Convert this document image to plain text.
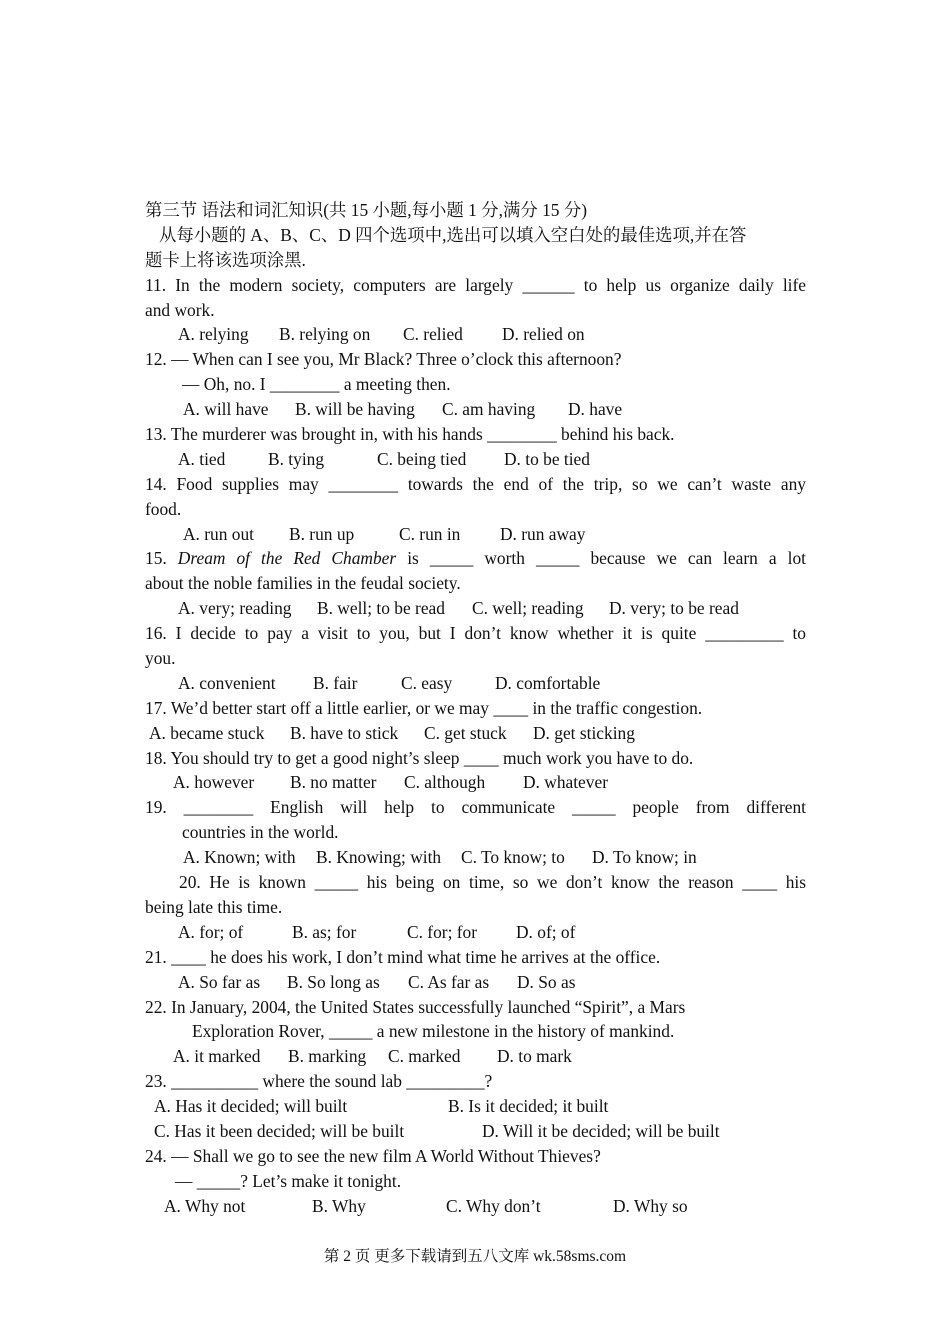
第三节 语法和词汇知识(共 15 小题,每小题 1 分,满分 15 分)
从每小题的 A、B、C、D 四个选项中,选出可以填入空白处的最佳选项,并在答
题卡上将该选项涂黑.
11. In the modern society, computers are largely ______ to help us organize daily life
and work.
A. relying B. relying on C. relied D. relied on
12. — When can I see you, Mr Black? Three o’clock this afternoon?
— Oh, no. I ________ a meeting then.
A. will have B. will be having C. am having D. have
13. The murderer was brought in, with his hands ________ behind his back.
A. tied B. tying	C. being tied D. to be tied
14. Food supplies may ________ towards the end of the trip, so we can’t waste any
food.
A. run out B. run up	C. run in D. run away
15. Dream of the Red Chamber is _____ worth _____ because we can learn a lot
about the noble families in the feudal society.
A. very; reading B. well; to be read C. well; reading D. very; to be read
16. I decide to pay a visit to you, but I don’t know whether it is quite _________ to
you.
A. convenient B. fair	C. easy D. comfortable
17. We’d better start off a little earlier, or we may ____ in the traffic congestion.
A. became stuck B. have to stick C. get stuck D. get sticking
18. You should try to get a good night’s sleep ____ much work you have to do.
A. however B. no matter C. although D. whatever
19. ________ English will help to communicate _____ people from different
countries in the world.
A. Known; with B. Knowing; with C. To know; to D. To know; in
20. He is known _____ his being on time, so we don’t know the reason ____ his
being late this time.
A. for; of	B. as; for	C. for; for D. of; of
21. ____ he does his work, I don’t mind what time he arrives at the office.
A. So far as B. So long as C. As far as D. So as
22. In January, 2004, the United States successfully launched “Spirit”, a Mars
Exploration Rover, _____ a new milestone in the history of mankind.
A. it marked B. marking C. marked D. to mark
23. __________ where the sound lab _________?
A. Has it decided; will built	B. Is it decided; it built
C. Has it been decided; will be built	D. Will it be decided; will be built
24. — Shall we go to see the new film A World Without Thieves?
— _____? Let’s make it tonight.
A. Why not	B. Why	C. Why don’t	D. Why so
第 2 页 更多下载请到五八文库 wk.58sms.com
